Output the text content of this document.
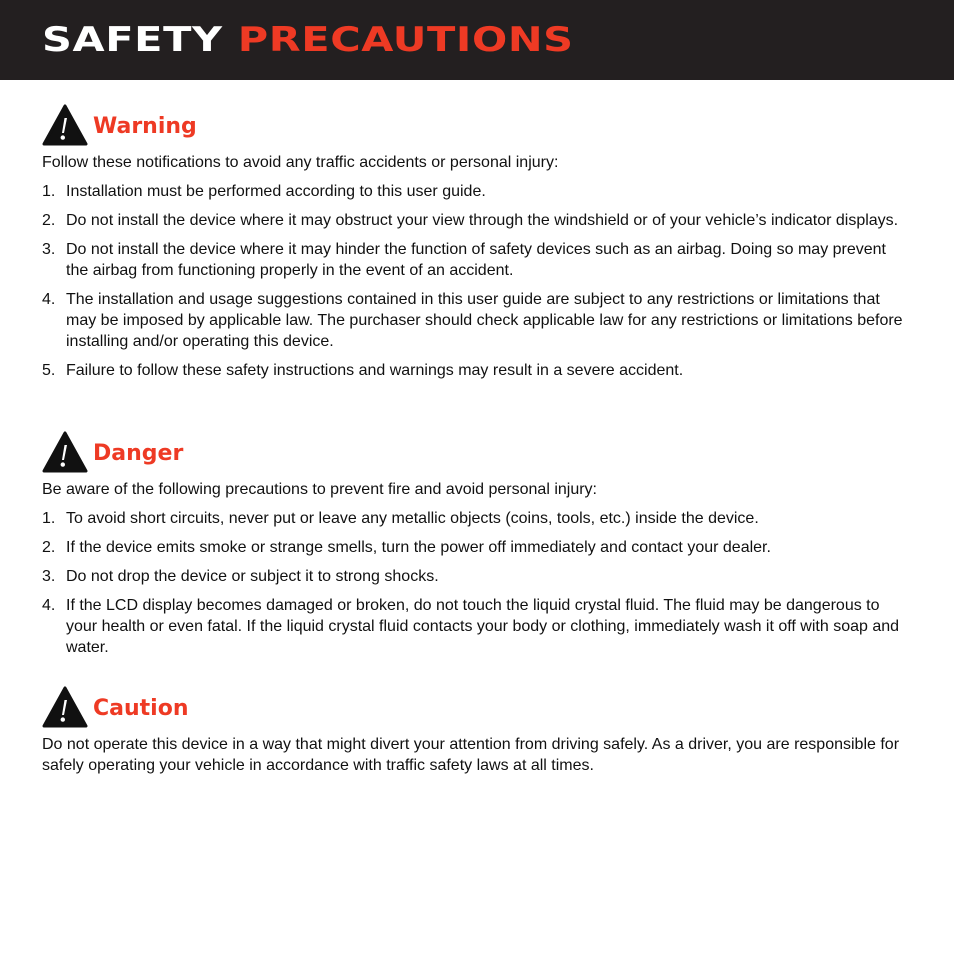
SAFETY PRECAUTIONS
Warning

Follow these notifications to avoid any traffic accidents or personal injury:

1. Installation must be performed according to this user guide.
2. Do not install the device where it may obstruct your view through the windshield or of your vehicle’s indicator displays.
3. Do not install the device where it may hinder the function of safety devices such as an airbag. Doing so may prevent the airbag from functioning properly in the event of an accident.
4. The installation and usage suggestions contained in this user guide are subject to any restrictions or limitations that may be imposed by applicable law. The purchaser should check applicable law for any restrictions or limitations before installing and/or operating this device.
5. Failure to follow these safety instructions and warnings may result in a severe accident.
Danger

Be aware of the following precautions to prevent fire and avoid personal injury:

1. To avoid short circuits, never put or leave any metallic objects (coins, tools, etc.) inside the device.
2. If the device emits smoke or strange smells, turn the power off immediately and contact your dealer.
3. Do not drop the device or subject it to strong shocks.
4. If the LCD display becomes damaged or broken, do not touch the liquid crystal fluid. The fluid may be dangerous to your health or even fatal. If the liquid crystal fluid contacts your body or clothing, immediately wash it off with soap and water.
Caution

Do not operate this device in a way that might divert your attention from driving safely. As a driver, you are responsible for safely operating your vehicle in accordance with traffic safety laws at all times.
